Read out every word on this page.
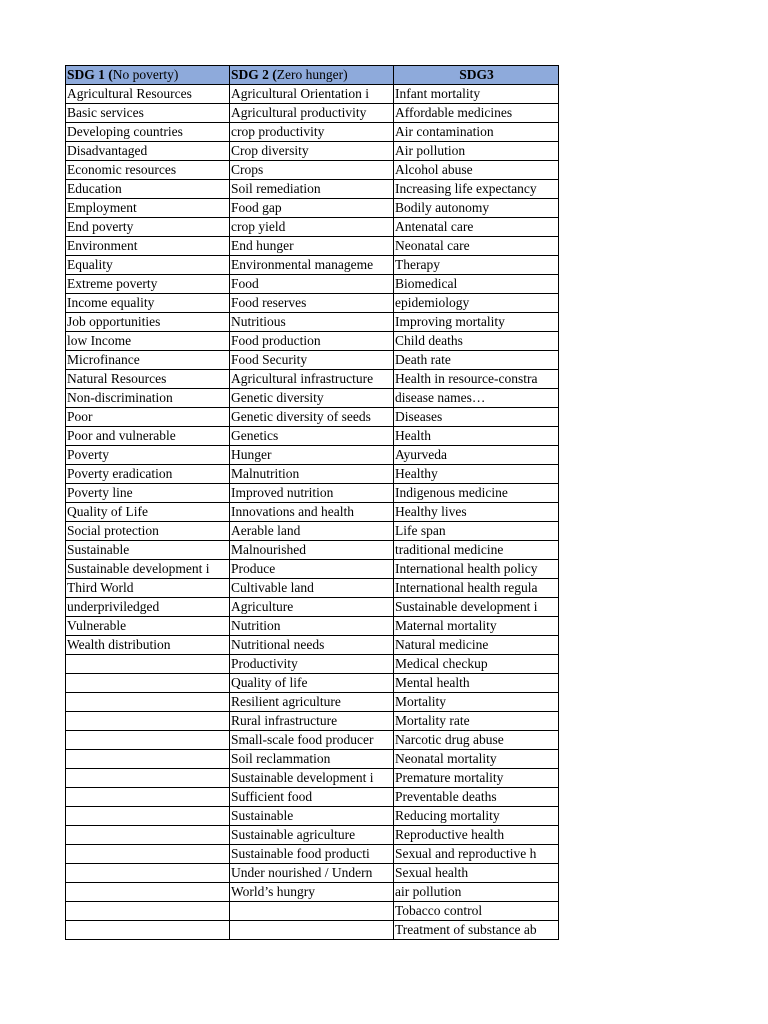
SDG 1 (No poverty)	SDG 2 (Zero hunger)	SDG3
Agricultural Resources	Agricultural Orientation i	Infant mortality
Basic services	Agricultural productivity	Affordable medicines
Developing countries	crop productivity	Air contamination
Disadvantaged	Crop diversity	Air pollution
Economic resources	Crops	Alcohol abuse
Education	Soil remediation	Increasing life expectancy
Employment	Food gap	Bodily autonomy
End poverty	crop yield	Antenatal care
Environment	End hunger	Neonatal care
Equality	Environmental manageme	Therapy
Extreme poverty	Food	Biomedical
Income equality	Food reserves	epidemiology
Job opportunities	Nutritious	Improving mortality
low Income	Food production	Child deaths
Microfinance	Food Security	Death rate
Natural Resources	Agricultural infrastructure	Health in resource-constra
Non-discrimination	Genetic diversity	disease names…
Poor	Genetic diversity of seeds	Diseases
Poor and vulnerable	Genetics	Health
Poverty	Hunger	Ayurveda
Poverty eradication	Malnutrition	Healthy
Poverty line	Improved nutrition	Indigenous medicine
Quality of Life	Innovations and health	Healthy lives
Social protection	Aerable land	Life span
Sustainable	Malnourished	traditional medicine
Sustainable development i	Produce	International health policy
Third World	Cultivable land	International health regula
underpriviledged	Agriculture	Sustainable development i
Vulnerable	Nutrition	Maternal mortality
Wealth distribution	Nutritional needs	Natural medicine
	Productivity	Medical checkup
	Quality of life	Mental health
	Resilient agriculture	Mortality
	Rural infrastructure	Mortality rate
	Small-scale food producer	Narcotic drug abuse
	Soil reclammation	Neonatal mortality
	Sustainable development i	Premature mortality
	Sufficient food	Preventable deaths
	Sustainable	Reducing mortality
	Sustainable agriculture	Reproductive health
	Sustainable food producti	Sexual and reproductive h
	Under nourished / Undern	Sexual health
	World’s hungry	air pollution
		Tobacco control
		Treatment of substance ab
